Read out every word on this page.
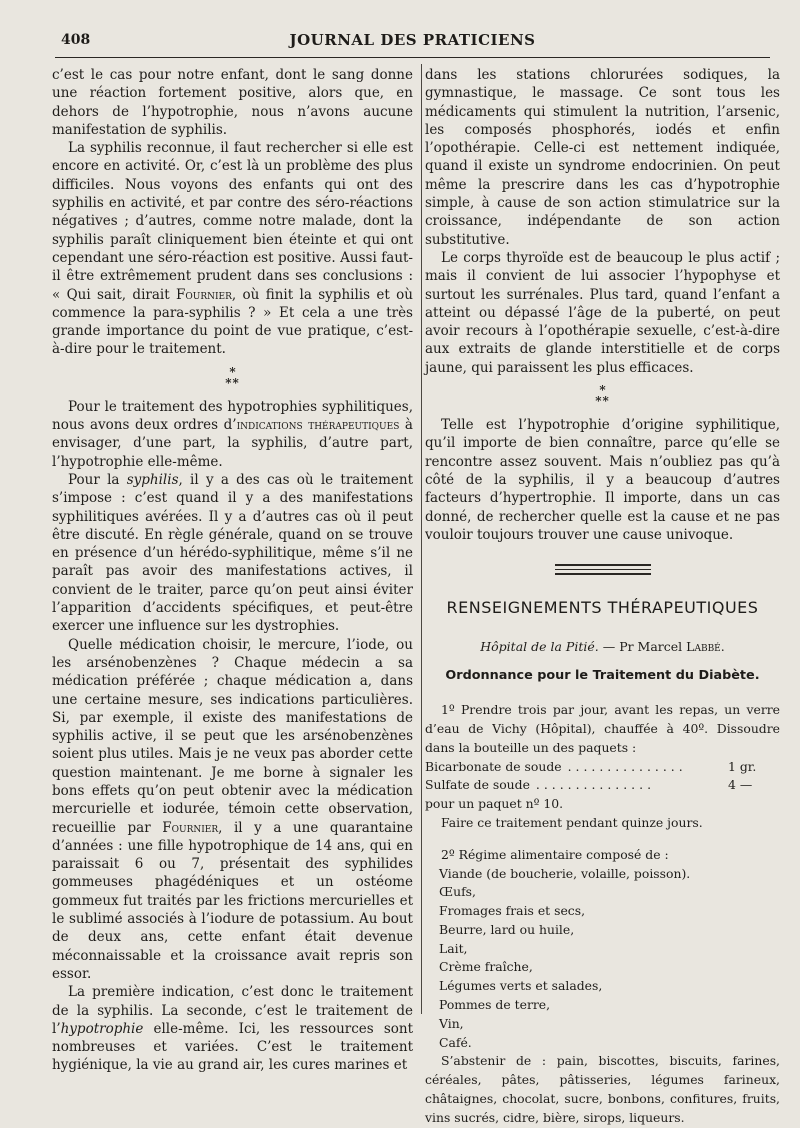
408	JOURNAL DES PRATICIENS

c’est le cas pour notre enfant, dont le sang donne une réaction fortement positive, alors que, en dehors de l’hypotrophie, nous n’avons aucune manifestation de syphilis.

La syphilis reconnue, il faut rechercher si elle est encore en activité. Or, c’est là un problème des plus difficiles. Nous voyons des enfants qui ont des syphilis en activité, et par contre des séro-réactions négatives ; d’autres, comme notre malade, dont la syphilis paraît cliniquement bien éteinte et qui ont cependant une séro-réaction est positive. Aussi faut-il être extrêmement prudent dans ses conclusions : « Qui sait, dirait Fournier, où finit la syphilis et où commence la para-syphilis ? » Et cela a une très grande importance du point de vue pratique, c’est-à-dire pour le traitement.

*
**

Pour le traitement des hypotrophies syphilitiques, nous avons deux ordres d’indications thérapeutiques à envisager, d’une part, la syphilis, d’autre part, l’hypotrophie elle-même.

Pour la syphilis, il y a des cas où le traitement s’impose : c’est quand il y a des manifestations syphilitiques avérées. Il y a d’autres cas où il peut être discuté. En règle générale, quand on se trouve en présence d’un hérédo-syphilitique, même s’il ne paraît pas avoir des manifestations actives, il convient de le traiter, parce qu’on peut ainsi éviter l’apparition d’accidents spécifiques, et peut-être exercer une influence sur les dystrophies.

Quelle médication choisir, le mercure, l’iode, ou les arsénobenzènes ? Chaque médecin a sa médication préférée ; chaque médication a, dans une certaine mesure, ses indications particulières. Si, par exemple, il existe des manifestations de syphilis active, il se peut que les arsénobenzènes soient plus utiles. Mais je ne veux pas aborder cette question maintenant. Je me borne à signaler les bons effets qu’on peut obtenir avec la médication mercurielle et iodurée, témoin cette observation, recueillie par Fournier, il y a une quarantaine d’années : une fille hypotrophique de 14 ans, qui en paraissait 6 ou 7, présentait des syphilides gommeuses phagédéniques et un ostéome gommeux fut traités par les frictions mercurielles et le sublimé associés à l’iodure de potassium. Au bout de deux ans, cette enfant était devenue méconnaissable et la croissance avait repris son essor.

La première indication, c’est donc le traitement de la syphilis. La seconde, c’est le traitement de l’hypotrophie elle-même. Ici, les ressources sont nombreuses et variées. C’est le traitement hygiénique, la vie au grand air, les cures marines et

dans les stations chlorurées sodiques, la gymnastique, le massage. Ce sont tous les médicaments qui stimulent la nutrition, l’arsenic, les composés phosphorés, iodés et enfin l’opothérapie. Celle-ci est nettement indiquée, quand il existe un syndrome endocrinien. On peut même la prescrire dans les cas d’hypotrophie simple, à cause de son action stimulatrice sur la croissance, indépendante de son action substitutive.

Le corps thyroïde est de beaucoup le plus actif ; mais il convient de lui associer l’hypophyse et surtout les surrénales. Plus tard, quand l’enfant a atteint ou dépassé l’âge de la puberté, on peut avoir recours à l’opothérapie sexuelle, c’est-à-dire aux extraits de glande interstitielle et de corps jaune, qui paraissent les plus efficaces.

*
**

Telle est l’hypotrophie d’origine syphilitique, qu’il importe de bien connaître, parce qu’elle se rencontre assez souvent. Mais n’oubliez pas qu’à côté de la syphilis, il y a beaucoup d’autres facteurs d’hypertrophie. Il importe, dans un cas donné, de rechercher quelle est la cause et ne pas vouloir toujours trouver une cause univoque.

RENSEIGNEMENTS THÉRAPEUTIQUES
Hôpital de la Pitié. — Pr Marcel Labbé.
Ordonnance pour le Traitement du Diabète.

1º Prendre trois par jour, avant les repas, un verre d’eau de Vichy (Hôpital), chauffée à 40º. Dissoudre dans la bouteille un des paquets :

Bicarbonate de soude ...............	1 gr.
Sulfate de soude ...............	4 —

pour un paquet nº 10.

Faire ce traitement pendant quinze jours.

2º Régime alimentaire composé de :

Viande (de boucherie, volaille, poisson).

Œufs,

Fromages frais et secs,

Beurre, lard ou huile,

Lait,

Crème fraîche,

Légumes verts et salades,

Pommes de terre,

Vin,

Café.

S’abstenir de : pain, biscottes, biscuits, farines, céréales, pâtes, pâtisseries, légumes farineux, châtaignes, chocolat, sucre, bonbons, confitures, fruits, vins sucrés, cidre, bière, sirops, liqueurs.
